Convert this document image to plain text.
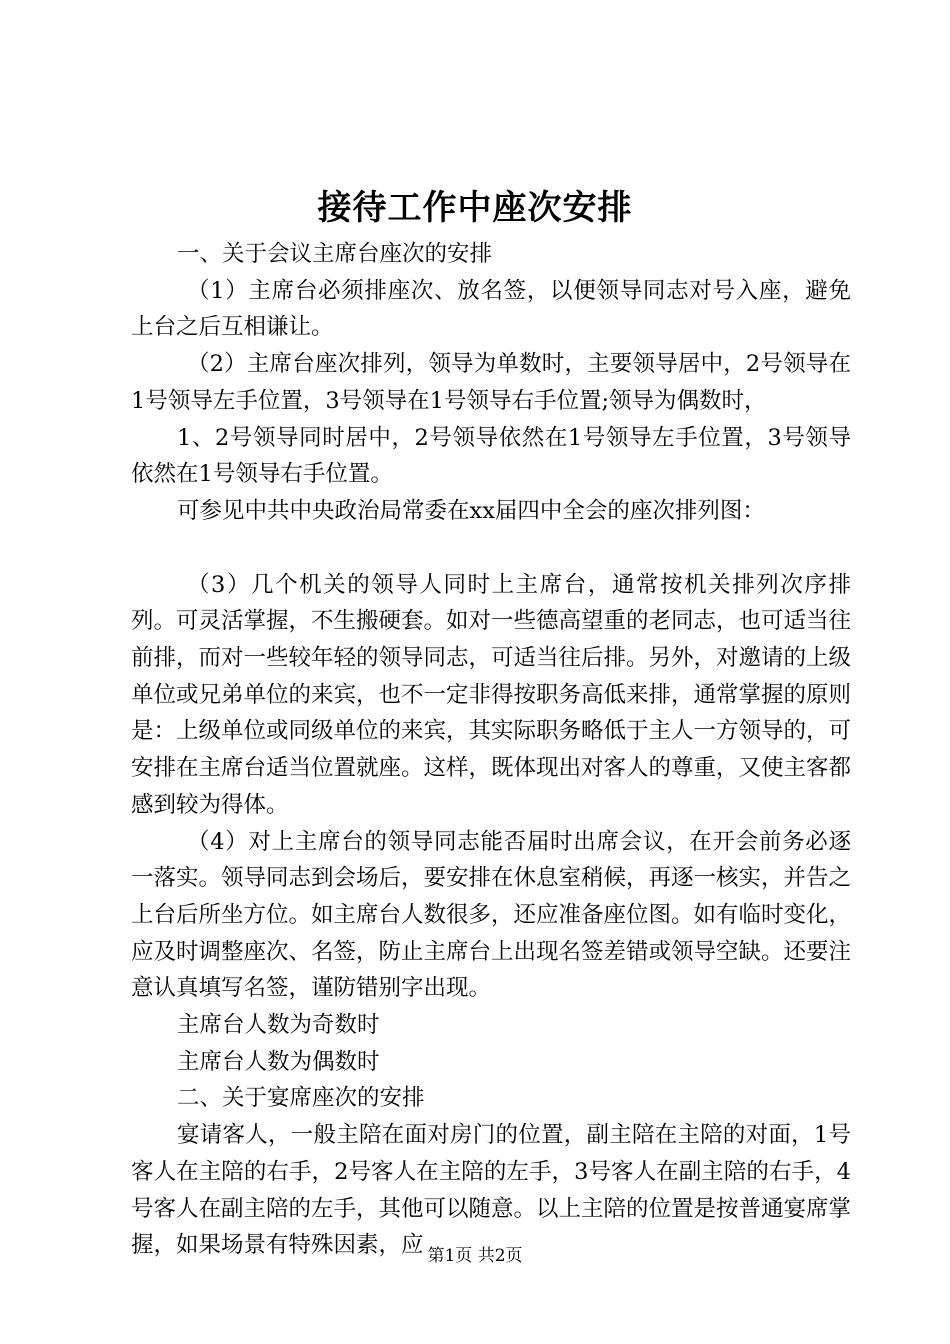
接待工作中座次安排

一、关于会议主席台座次的安排

（1）主席台必须排座次、放名签，以便领导同志对号入座，避免上台之后互相谦让。

（2）主席台座次排列，领导为单数时，主要领导居中，2号领导在1号领导左手位置，3号领导在1号领导右手位置;领导为偶数时，

1、2号领导同时居中，2号领导依然在1号领导左手位置，3号领导依然在1号领导右手位置。

可参见中共中央政治局常委在xx届四中全会的座次排列图：

（3）几个机关的领导人同时上主席台，通常按机关排列次序排列。可灵活掌握，不生搬硬套。如对一些德高望重的老同志，也可适当往前排，而对一些较年轻的领导同志，可适当往后排。另外，对邀请的上级单位或兄弟单位的来宾，也不一定非得按职务高低来排，通常掌握的原则是：上级单位或同级单位的来宾，其实际职务略低于主人一方领导的，可安排在主席台适当位置就座。这样，既体现出对客人的尊重，又使主客都感到较为得体。

（4）对上主席台的领导同志能否届时出席会议，在开会前务必逐一落实。领导同志到会场后，要安排在休息室稍候，再逐一核实，并告之上台后所坐方位。如主席台人数很多，还应准备座位图。如有临时变化，应及时调整座次、名签，防止主席台上出现名签差错或领导空缺。还要注意认真填写名签，谨防错别字出现。

主席台人数为奇数时

主席台人数为偶数时

二、关于宴席座次的安排

宴请客人，一般主陪在面对房门的位置，副主陪在主陪的对面，1号客人在主陪的右手，2号客人在主陪的左手，3号客人在副主陪的右手，4号客人在副主陪的左手，其他可以随意。以上主陪的位置是按普通宴席掌握，如果场景有特殊因素，应 第1页 共2页
